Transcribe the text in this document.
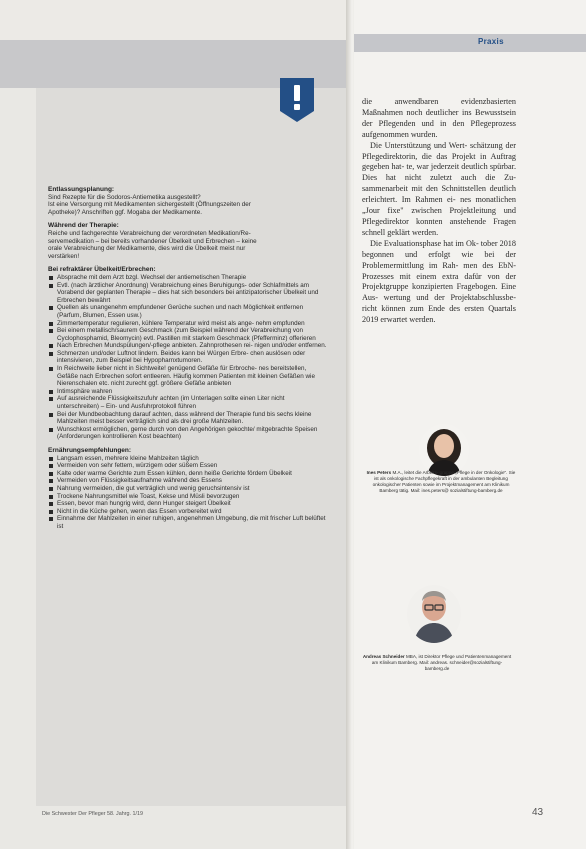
Praxis
Entlassungsplanung:

Sind Rezepte für die Sodoros-Antiemetika ausgestellt?

Ist eine Versorgung mit Medikamenten sichergestellt (Öffnungszeiten der

Apotheke)? Anschriften ggf. Mogaba der Medikamente.

Während der Therapie:

Reiche und fachgerechte Verabreichung der verordneten Medikation/Re-

servemedikation – bei bereits vorhandener Übelkeit und Erbrechen – keine

orale Verabreichung der Medikamente, dies wird die Übelkeit meist nur

verstärken!

Bei refraktärer Übelkeit/Erbrechen:
Absprache mit dem Arzt bzgl. Wechsel der antiemetischen Therapie
Evtl. (nach ärztlicher Anordnung) Verabreichung eines Beruhigungs- oder Schlafmittels am Vorabend der geplanten Therapie – dies hat sich besonders bei antizipatorischer Übelkeit und Erbrechen bewährt
Quellen als unangenehm empfundener Gerüche suchen und nach Möglichkeit entfernen (Parfum, Blumen, Essen usw.)
Zimmertemperatur regulieren, kühlere Temperatur wird meist als ange- nehm empfunden
Bei einem metallisch/saurem Geschmack (zum Beispiel während der Verabreichung von Cyclophosphamid, Bleomycin) evtl. Pastillen mit starkem Geschmack (Pfefferminz) offerieren
Nach Erbrechen Mundspülungen/-pflege anbieten. Zahnprothesen rei- nigen und/oder entfernen.
Schmerzen und/oder Luftnot lindern. Beides kann bei Würgen Erbre- chen auslösen oder intensivieren, zum Beispiel bei Hypopharnxtumoren.
In Reichweite lieber nicht in Sichtweite! genügend Gefäße für Erbroche- nes bereitstellen, Gefäße nach Erbrechen sofort entleeren. Häufig kommen Patienten mit kleinen Gefäßen wie Nierenschalen etc. nicht zurecht ggf. größere Gefäße anbieten
Intimsphäre wahren
Auf ausreichende Flüssigkeitszufuhr achten (im Unterlagen sollte einen Liter nicht unterschreiten) – Ein- und Ausfuhrprotokoll führen
Bei der Mundbeobachtung darauf achten, dass während der Therapie fund bis sechs kleine Mahlzeiten meist besser verträglich sind als drei große Mahlzeiten.
Wunschkost ermöglichen, gerne durch von den Angehörigen gekochte/ mitgebrachte Speisen (Anforderungen kontrollieren Kost beachten)
Ernährungsempfehlungen:
Langsam essen, mehrere kleine Mahlzeiten täglich
Vermeiden von sehr fettem, würzigem oder süßem Essen
Kalte oder warme Gerichte zum Essen kühlen, denn heiße Gerichte fördern Übelkeit
Vermeiden von Flüssigkeitsaufnahme während des Essens
Nahrung vermeiden, die gut verträglich und wenig geruchsintensiv ist
Trockene Nahrungsmittel wie Toast, Kekse und Müsli bevorzugen
Essen, bevor man hungrig wird, denn Hunger steigert Übelkeit
Nicht in die Küche gehen, wenn das Essen vorbereitet wird
Einnahme der Mahlzeiten in einer ruhigen, angenehmen Umgebung, die mit frischer Luft belüftet ist

die anwendbaren evidenzbasierten Maßnahmen noch deutlicher ins Bewusstsein der Pflegenden und in den Pflegeprozess aufgenommen wurden.

Die Unterstützung und Wert- schätzung der Pflegedirektorin, die das Projekt in Auftrag gegeben hat- te, war jederzeit deutlich spürbar. Dies hat nicht zuletzt auch die Zu- sammenarbeit mit den Schnittstellen deutlich erleichtert. Im Rahmen ei- nes monatlichen „Jour fixe" zwischen Projektleitung und Pflegedirektor konnten anstehende Fragen schnell geklärt werden.

Die Evaluationsphase hat im Ok- tober 2018 begonnen und erfolgt wie bei der Problemermittlung im Rah- men des EbN-Prozesses mit einem extra dafür von der Projektgruppe konzipierten Fragebogen. Eine Aus- wertung und der Projektabschlussbe- richt können zum Ende des ersten Quartals 2019 erwartet werden.

Ines Peters M.A., leitet die Arbeits- gruppe „Pflege in der Onkologie". Sie ist als onkologische Fachpflegekraft in der ambulanten Begleitung onkologischer Patienten sowie im Projektmanagement am Klinikum Bamberg tätig. Mail: ines.peters@ sozialstiftung-bamberg.de
Andreas Schneider MBA, ist Direktor Pflege und Patientenmanagement am Klinikum Bamberg. Mail: andreas. schneider@sozialstiftung-bamberg.de
Die Schwester Der Pfleger 58. Jahrg. 1/19	43
